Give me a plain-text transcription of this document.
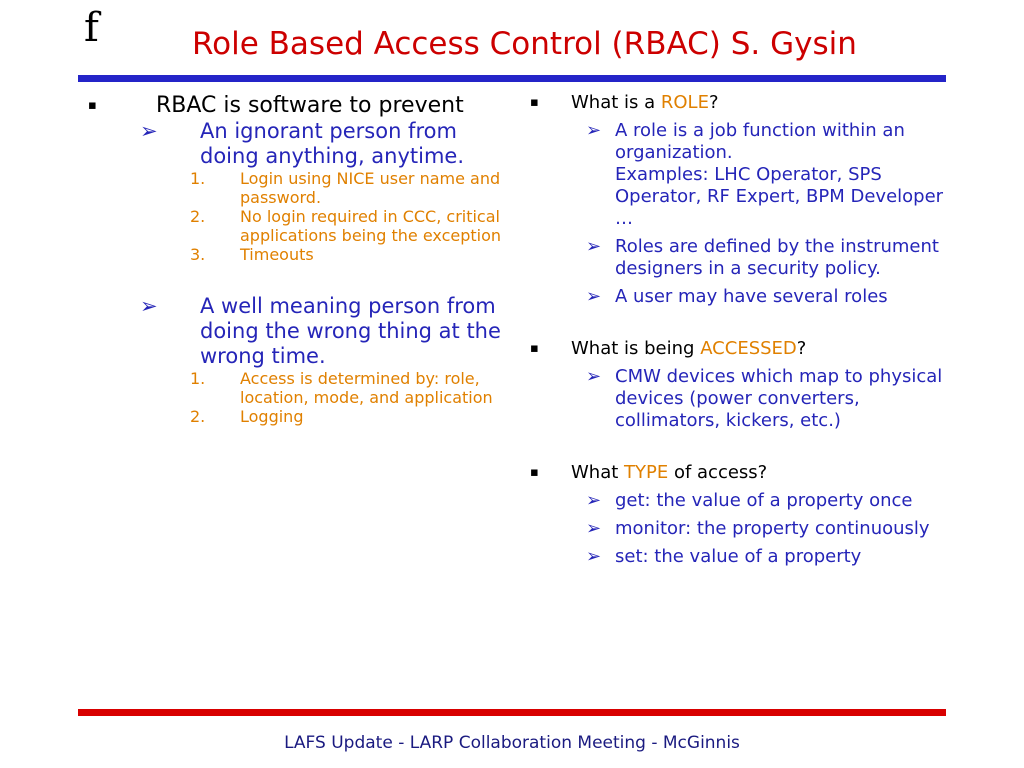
f	Role Based Access Control (RBAC) S. Gysin
▪	RBAC is software to prevent
➢ An ignorant person from doing anything, anytime.
1. Login using NICE user name and password.
2. No login required in CCC, critical applications being the exception
3. Timeouts
➢ A well meaning person from doing the wrong thing at the wrong time.
1. Access is determined by: role, location, mode, and application
2. Logging
▪ What is a ROLE?
➢ A role is a job function within an organization.
Examples: LHC Operator, SPS Operator, RF Expert, BPM Developer …
➢ Roles are defined by the instrument designers in a security policy.
➢ A user may have several roles
▪ What is being ACCESSED?
➢ CMW devices which map to physical devices (power converters, collimators, kickers, etc.)
▪ What TYPE of access?
➢ get: the value of a property once
➢ monitor: the property continuously
➢ set: the value of a property
LAFS Update - LARP Collaboration Meeting - McGinnis
